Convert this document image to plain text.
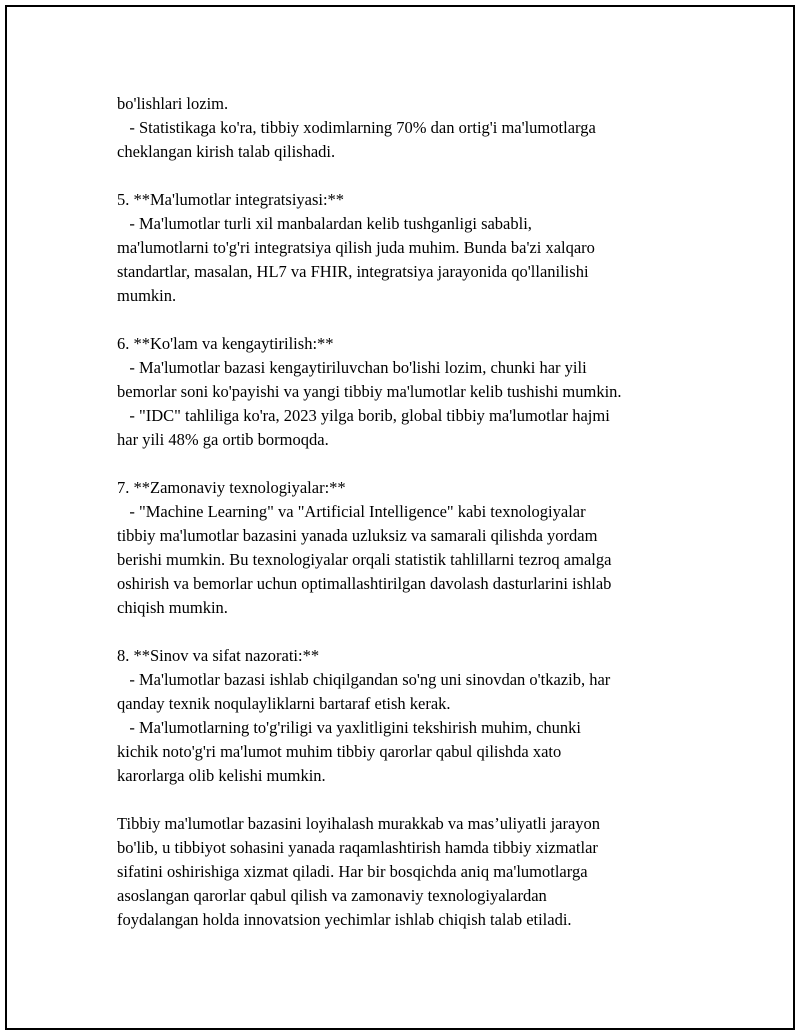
bo'lishlari lozim.

- Statistikaga ko'ra, tibbiy xodimlarning 70% dan ortig'i ma'lumotlarga

cheklangan kirish talab qilishadi.

5. **Ma'lumotlar integratsiyasi:**

- Ma'lumotlar turli xil manbalardan kelib tushganligi sababli,

ma'lumotlarni to'g'ri integratsiya qilish juda muhim. Bunda ba'zi xalqaro

standartlar, masalan, HL7 va FHIR, integratsiya jarayonida qo'llanilishi

mumkin.

6. **Ko'lam va kengaytirilish:**

- Ma'lumotlar bazasi kengaytiriluvchan bo'lishi lozim, chunki har yili

bemorlar soni ko'payishi va yangi tibbiy ma'lumotlar kelib tushishi mumkin.

- "IDC" tahliliga ko'ra, 2023 yilga borib, global tibbiy ma'lumotlar hajmi

har yili 48% ga ortib bormoqda.

7. **Zamonaviy texnologiyalar:**

- "Machine Learning" va "Artificial Intelligence" kabi texnologiyalar

tibbiy ma'lumotlar bazasini yanada uzluksiz va samarali qilishda yordam

berishi mumkin. Bu texnologiyalar orqali statistik tahlillarni tezroq amalga

oshirish va bemorlar uchun optimallashtirilgan davolash dasturlarini ishlab

chiqish mumkin.

8. **Sinov va sifat nazorati:**

- Ma'lumotlar bazasi ishlab chiqilgandan so'ng uni sinovdan o'tkazib, har

qanday texnik noqulayliklarni bartaraf etish kerak.

- Ma'lumotlarning to'g'riligi va yaxlitligini tekshirish muhim, chunki

kichik noto'g'ri ma'lumot muhim tibbiy qarorlar qabul qilishda xato

karorlarga olib kelishi mumkin.

Tibbiy ma'lumotlar bazasini loyihalash murakkab va mas’uliyatli jarayon

bo'lib, u tibbiyot sohasini yanada raqamlashtirish hamda tibbiy xizmatlar

sifatini oshirishiga xizmat qiladi. Har bir bosqichda aniq ma'lumotlarga

asoslangan qarorlar qabul qilish va zamonaviy texnologiyalardan

foydalangan holda innovatsion yechimlar ishlab chiqish talab etiladi.
